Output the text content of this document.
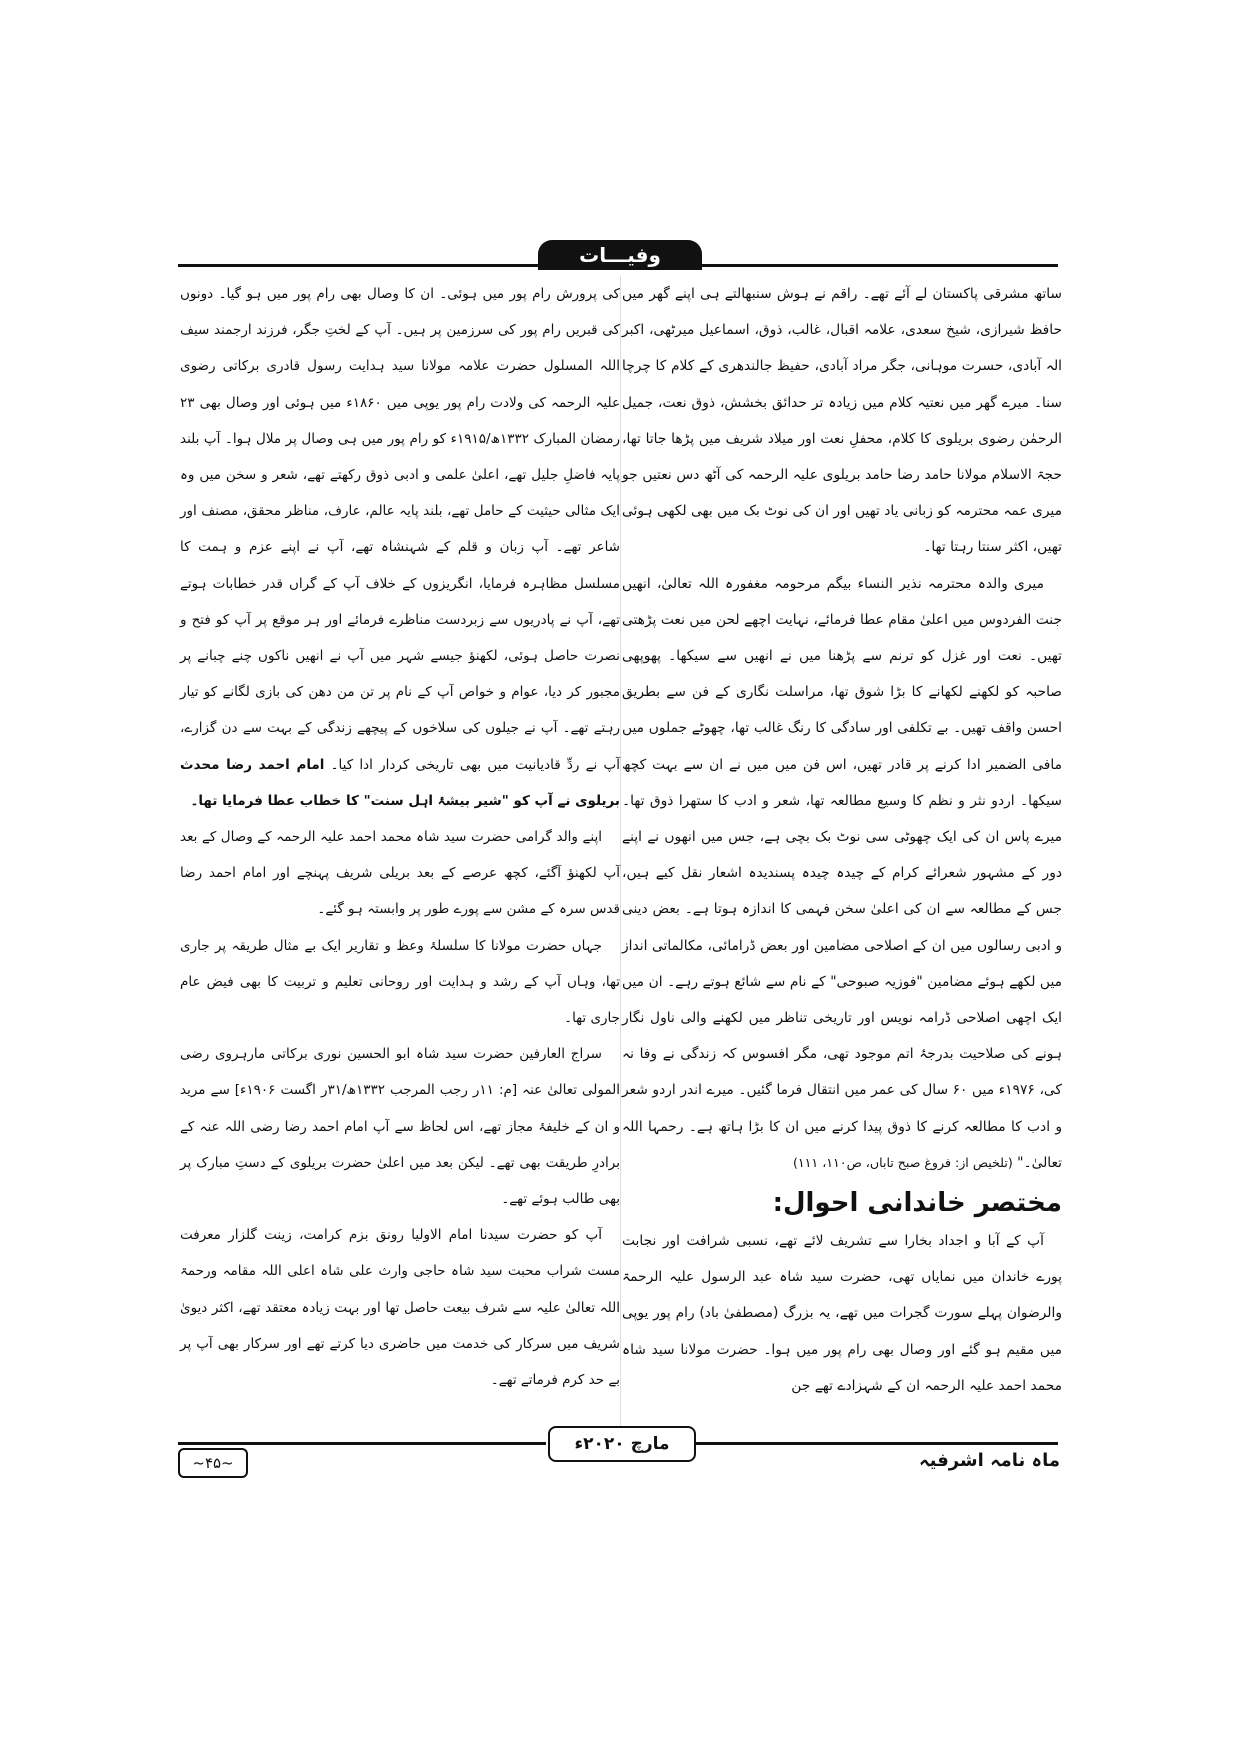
وفیـــات

ساتھ مشرقی پاکستان لے آئے تھے۔ راقم نے ہوش سنبھالتے ہی اپنے گھر میں حافظ شیرازی، شیخ سعدی، علامہ اقبال، غالب، ذوق، اسماعیل میرٹھی، اکبر الہ آبادی، حسرت موہانی، جگر مراد آبادی، حفیظ جالندھری کے کلام کا چرچا سنا۔ میرے گھر میں نعتیہ کلام میں زیادہ تر حدائق بخشش، ذوق نعت، جمیل الرحمٰن رضوی بریلوی کا کلام، محفلِ نعت اور میلاد شریف میں پڑھا جاتا تھا، حجۃ الاسلام مولانا حامد رضا حامد بریلوی علیہ الرحمہ کی آٹھ دس نعتیں جو میری عمہ محترمہ کو زبانی یاد تھیں اور ان کی نوٹ بک میں بھی لکھی ہوئی تھیں، اکثر سنتا رہتا تھا۔

میری والدہ محترمہ نذیر النساء بیگم مرحومہ مغفورہ اللہ تعالیٰ، انھیں جنت الفردوس میں اعلیٰ مقام عطا فرمائے، نہایت اچھے لحن میں نعت پڑھتی تھیں۔ نعت اور غزل کو ترنم سے پڑھنا میں نے انھیں سے سیکھا۔ پھوپھی صاحبہ کو لکھنے لکھانے کا بڑا شوق تھا، مراسلت نگاری کے فن سے بطریق احسن واقف تھیں۔ بے تکلفی اور سادگی کا رنگ غالب تھا، چھوٹے جملوں میں مافی الضمیر ادا کرنے پر قادر تھیں، اس فن میں میں نے ان سے بہت کچھ سیکھا۔ اردو نثر و نظم کا وسیع مطالعہ تھا، شعر و ادب کا ستھرا ذوق تھا۔ میرے پاس ان کی ایک چھوٹی سی نوٹ بک بچی ہے، جس میں انھوں نے اپنے دور کے مشہور شعرائے کرام کے چیدہ چیدہ پسندیدہ اشعار نقل کیے ہیں، جس کے مطالعہ سے ان کی اعلیٰ سخن فہمی کا اندازہ ہوتا ہے۔ بعض دینی و ادبی رسالوں میں ان کے اصلاحی مضامین اور بعض ڈرامائی، مکالماتی انداز میں لکھے ہوئے مضامین "فوزیہ صبوحی" کے نام سے شائع ہوتے رہے۔ ان میں ایک اچھی اصلاحی ڈرامہ نویس اور تاریخی تناظر میں لکھنے والی ناول نگار ہونے کی صلاحیت بدرجۂ اتم موجود تھی، مگر افسوس کہ زندگی نے وفا نہ کی، ۱۹۷۶ء میں ۶۰ سال کی عمر میں انتقال فرما گئیں۔ میرے اندر اردو شعر و ادب کا مطالعہ کرنے کا ذوق پیدا کرنے میں ان کا بڑا ہاتھ ہے۔ رحمہا اللہ تعالیٰ۔" (تلخیص از: فروغ صبح تاباں، ص۱۱۰، ۱۱۱)

مختصر خاندانی احوال:

آپ کے آبا و اجداد بخارا سے تشریف لائے تھے، نسبی شرافت اور نجابت پورے خاندان میں نمایاں تھی، حضرت سید شاہ عبد الرسول علیہ الرحمۃ والرضوان پہلے سورت گجرات میں تھے، یہ بزرگ (مصطفیٰ باد) رام پور یوپی میں مقیم ہو گئے اور وصال بھی رام پور میں ہوا۔ حضرت مولانا سید شاہ محمد احمد علیہ الرحمہ ان کے شہزادے تھے جن

کی پرورش رام پور میں ہوئی۔ ان کا وصال بھی رام پور میں ہو گیا۔ دونوں کی قبریں رام پور کی سرزمین پر ہیں۔ آپ کے لختِ جگر، فرزند ارجمند سیف اللہ المسلول حضرت علامہ مولانا سید ہدایت رسول قادری برکاتی رضوی علیہ الرحمہ کی ولادت رام پور یوپی میں ۱۸۶۰ء میں ہوئی اور وصال بھی ۲۳ رمضان المبارک ۱۳۳۲ھ/۱۹۱۵ء کو رام پور میں ہی وصال پر ملال ہوا۔ آپ بلند پایہ فاضلِ جلیل تھے، اعلیٰ علمی و ادبی ذوق رکھتے تھے، شعر و سخن میں وہ ایک مثالی حیثیت کے حامل تھے، بلند پایہ عالم، عارف، مناظر محقق، مصنف اور شاعر تھے۔ آپ زبان و قلم کے شہنشاہ تھے، آپ نے اپنے عزم و ہمت کا مسلسل مظاہرہ فرمایا، انگریزوں کے خلاف آپ کے گراں قدر خطابات ہوتے تھے، آپ نے پادریوں سے زبردست مناظرے فرمائے اور ہر موقع پر آپ کو فتح و نصرت حاصل ہوئی، لکھنؤ جیسے شہر میں آپ نے انھیں ناکوں چنے چبانے پر مجبور کر دیا، عوام و خواص آپ کے نام پر تن من دھن کی بازی لگانے کو تیار رہتے تھے۔ آپ نے جیلوں کی سلاخوں کے پیچھے زندگی کے بہت سے دن گزارے، آپ نے ردِّ قادیانیت میں بھی تاریخی کردار ادا کیا۔ امام احمد رضا محدث بریلوی نے آپ کو "شیر بیشۂ اہل سنت" کا خطاب عطا فرمایا تھا۔

اپنے والد گرامی حضرت سید شاہ محمد احمد علیہ الرحمہ کے وصال کے بعد آپ لکھنؤ آگئے، کچھ عرصے کے بعد بریلی شریف پہنچے اور امام احمد رضا قدس سرہ کے مشن سے پورے طور پر وابستہ ہو گئے۔

جہاں حضرت مولانا کا سلسلۂ وعظ و تقاریر ایک بے مثال طریقہ پر جاری تھا، وہاں آپ کے رشد و ہدایت اور روحانی تعلیم و تربیت کا بھی فیض عام جاری تھا۔

سراج العارفین حضرت سید شاہ ابو الحسین نوری برکاتی مارہروی رضی المولی تعالیٰ عنہ [م: ۱۱ر رجب المرجب ۱۳۳۲ھ/۳۱ر اگست ۱۹۰۶ء] سے مرید و ان کے خلیفۂ مجاز تھے، اس لحاظ سے آپ امام احمد رضا رضی اللہ عنہ کے برادرِ طریقت بھی تھے۔ لیکن بعد میں اعلیٰ حضرت بریلوی کے دستِ مبارک پر بھی طالب ہوئے تھے۔

آپ کو حضرت سیدنا امام الاولیا رونق بزم کرامت، زینت گلزار معرفت مست شراب محبت سید شاہ حاجی وارث علی شاہ اعلی اللہ مقامہ ورحمۃ اللہ تعالیٰ علیہ سے شرف بیعت حاصل تھا اور بہت زیادہ معتقد تھے، اکثر دیویٰ شریف میں سرکار کی خدمت میں حاضری دیا کرتے تھے اور سرکار بھی آپ پر بے حد کرم فرماتے تھے۔

مارچ ۲۰۲۰ء
~۴۵~	ماہ نامہ اشرفیہ
